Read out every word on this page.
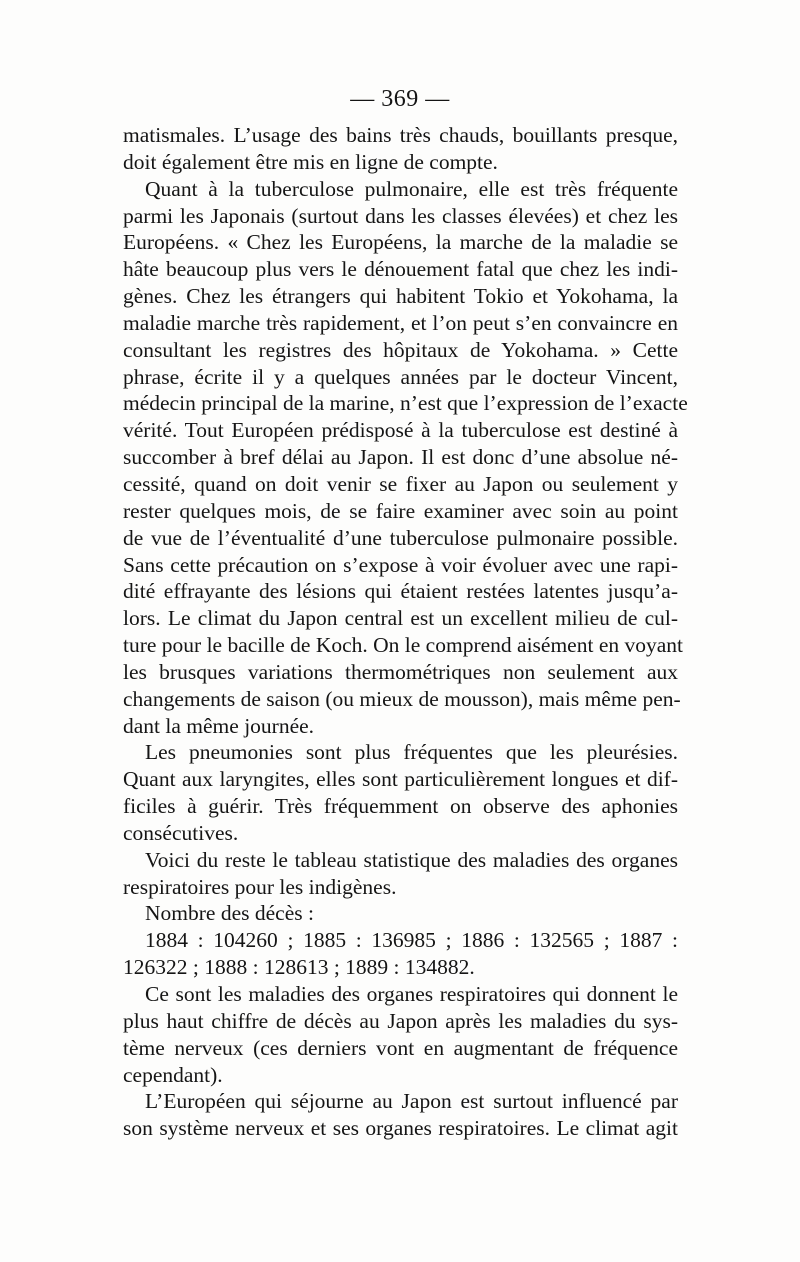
— 369 —
matismales. L’usage des bains très chauds, bouillants presque,
doit également être mis en ligne de compte.
Quant à la tuberculose pulmonaire, elle est très fréquente
parmi les Japonais (surtout dans les classes élevées) et chez les
Européens. « Chez les Européens, la marche de la maladie se
hâte beaucoup plus vers le dénouement fatal que chez les indi-
gènes. Chez les étrangers qui habitent Tokio et Yokohama, la
maladie marche très rapidement, et l’on peut s’en convaincre en
consultant les registres des hôpitaux de Yokohama. » Cette
phrase, écrite il y a quelques années par le docteur Vincent,
médecin principal de la marine, n’est que l’expression de l’exacte
vérité. Tout Européen prédisposé à la tuberculose est destiné à
succomber à bref délai au Japon. Il est donc d’une absolue né-
cessité, quand on doit venir se fixer au Japon ou seulement y
rester quelques mois, de se faire examiner avec soin au point
de vue de l’éventualité d’une tuberculose pulmonaire possible.
Sans cette précaution on s’expose à voir évoluer avec une rapi-
dité effrayante des lésions qui étaient restées latentes jusqu’a-
lors. Le climat du Japon central est un excellent milieu de cul-
ture pour le bacille de Koch. On le comprend aisément en voyant
les brusques variations thermométriques non seulement aux
changements de saison (ou mieux de mousson), mais même pen-
dant la même journée.
Les pneumonies sont plus fréquentes que les pleurésies.
Quant aux laryngites, elles sont particulièrement longues et dif-
ficiles à guérir. Très fréquemment on observe des aphonies
consécutives.
Voici du reste le tableau statistique des maladies des organes
respiratoires pour les indigènes.
Nombre des décès :
1884 : 104260 ; 1885 : 136985 ; 1886 : 132565 ; 1887 :
126322 ; 1888 : 128613 ; 1889 : 134882.
Ce sont les maladies des organes respiratoires qui donnent le
plus haut chiffre de décès au Japon après les maladies du sys-
tème nerveux (ces derniers vont en augmentant de fréquence
cependant).
L’Européen qui séjourne au Japon est surtout influencé par
son système nerveux et ses organes respiratoires. Le climat agit
